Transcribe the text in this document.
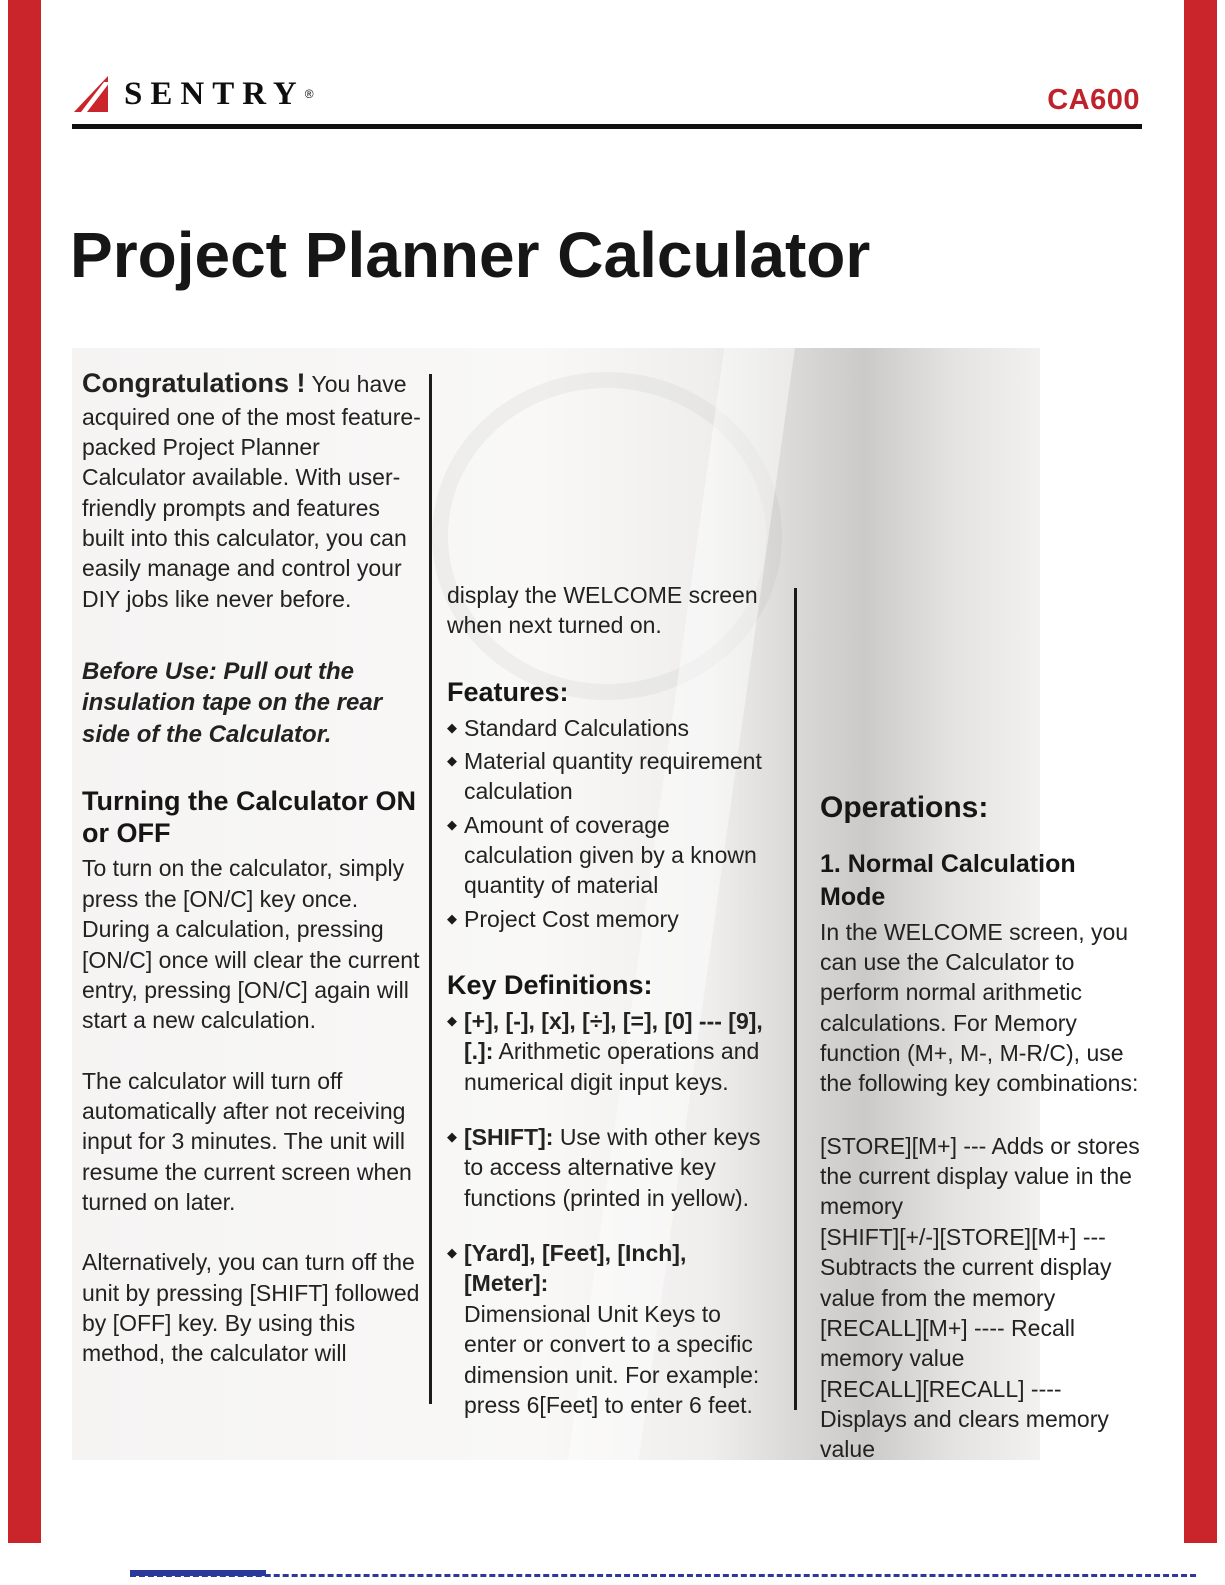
SENTRY ®	CA600
Project Planner Calculator

Congratulations ! You have acquired one of the most feature-packed Project Planner Calculator available. With user-friendly prompts and features built into this calculator, you can easily manage and control your DIY jobs like never before.

Before Use: Pull out the insulation tape on the rear side of the Calculator.

Turning the Calculator ON or OFF

To turn on the calculator, simply press the [ON/C] key once. During a calculation, pressing [ON/C] once will clear the current entry, pressing [ON/C] again will start a new calculation.

The calculator will turn off automatically after not receiving input for 3 minutes. The unit will resume the current screen when turned on later.

Alternatively, you can turn off the unit by pressing [SHIFT] followed by [OFF] key. By using this method, the calculator will

display the WELCOME screen when next turned on.

Features:
◆ Standard Calculations
◆ Material quantity requirement calculation
◆ Amount of coverage calculation given by a known quantity of material
◆ Project Cost memory
Key Definitions:
◆ [+], [-], [x], [÷], [=], [0] --- [9], [.]: Arithmetic operations and numerical digit input keys.
◆ [SHIFT]: Use with other keys to access alternative key functions (printed in yellow).
◆ [Yard], [Feet], [Inch], [Meter]:
Dimensional Unit Keys to enter or convert to a specific dimension unit. For example: press 6[Feet] to enter 6 feet.
Operations:
1. Normal Calculation Mode

In the WELCOME screen, you can use the Calculator to perform normal arithmetic calculations. For Memory function (M+, M-, M-R/C), use the following key combinations:

[STORE][M+] --- Adds or stores the current display value in the memory

[SHIFT][+/-][STORE][M+] --- Subtracts the current display value from the memory

[RECALL][M+] ---- Recall memory value

[RECALL][RECALL] ---- Displays and clears memory value
